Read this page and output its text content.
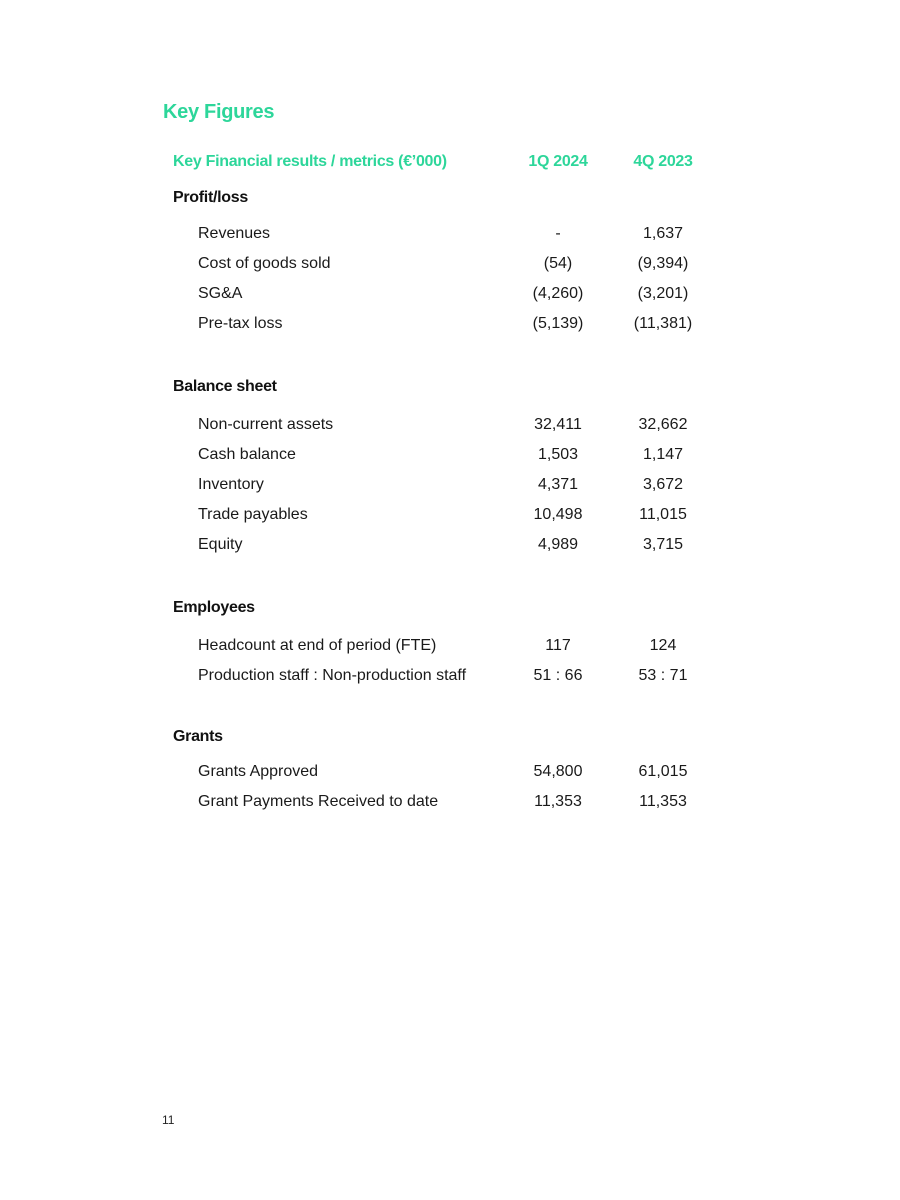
Key Figures
Key Financial results / metrics (€’000)	1Q 2024	4Q 2023
Profit/loss
Revenues	-	1,637
Cost of goods sold	(54)	(9,394)
SG&A	(4,260)	(3,201)
Pre-tax loss	(5,139)	(11,381)
Balance sheet
Non-current assets	32,411	32,662
Cash balance	1,503	1,147
Inventory	4,371	3,672
Trade payables	10,498	11,015
Equity	4,989	3,715
Employees
Headcount at end of period (FTE)	117	124
Production staff : Non-production staff	51 : 66	53 : 71
Grants
Grants Approved	54,800	61,015
Grant Payments Received to date	11,353	11,353
11
